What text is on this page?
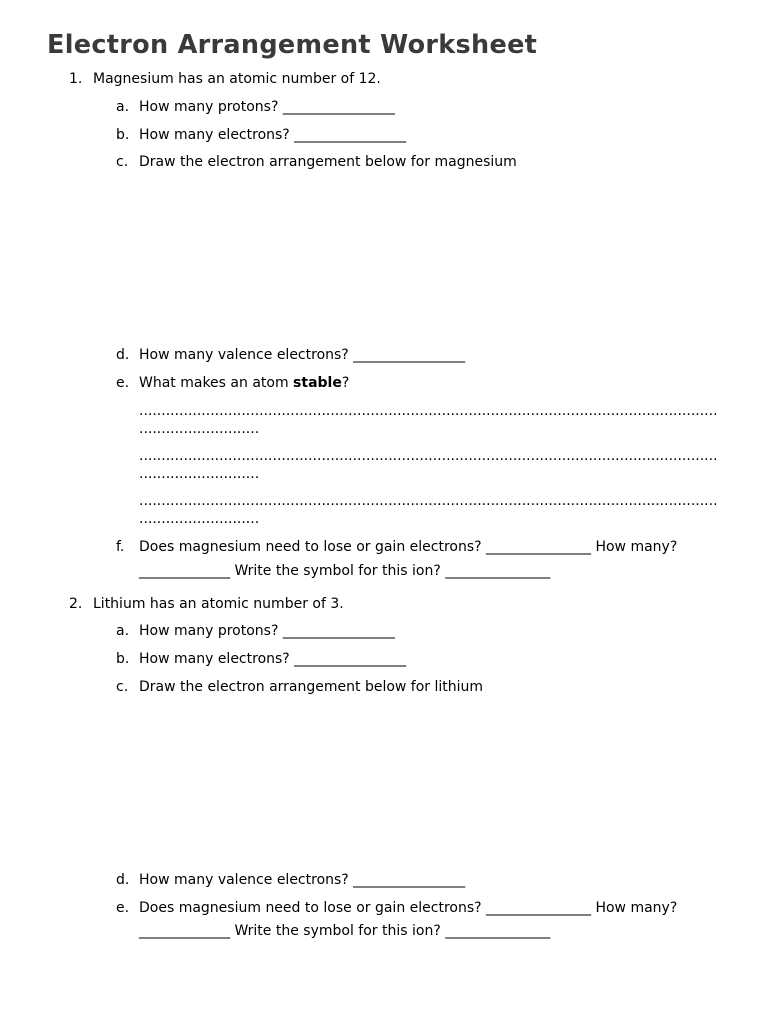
Electron Arrangement Worksheet
1. Magnesium has an atomic number of 12.
a. How many protons? ________________
b. How many electrons? ________________
c. Draw the electron arrangement below for magnesium
d. How many valence electrons? ________________
e. What makes an atom stable?
..................................................................................................................................
...........................
..................................................................................................................................
...........................
..................................................................................................................................
...........................
f. Does magnesium need to lose or gain electrons? _______________ How many?
_____________ Write the symbol for this ion? _______________
2. Lithium has an atomic number of 3.
a. How many protons? ________________
b. How many electrons? ________________
c. Draw the electron arrangement below for lithium
d. How many valence electrons? ________________
e. Does magnesium need to lose or gain electrons? _______________ How many?
_____________ Write the symbol for this ion? _______________
